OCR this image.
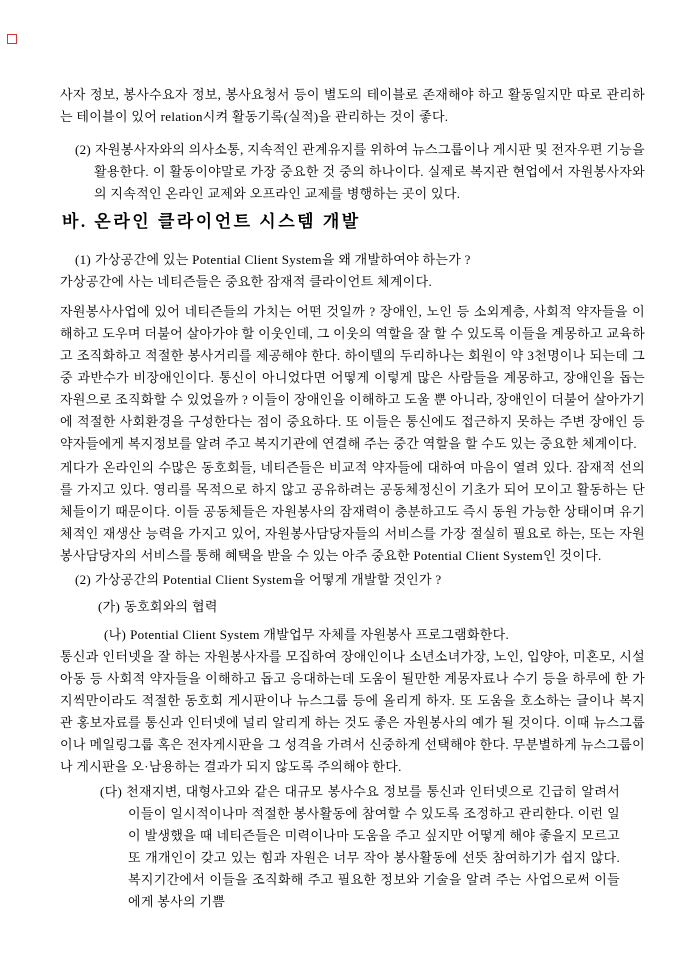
사자 정보, 봉사수요자 정보, 봉사요청서 등이 별도의 테이블로 존재해야 하고 활동일지만 따로 관리하는 테이블이 있어 relation시켜 활동기록(실적)을 관리하는 것이 좋다.

(2) 자원봉사자와의 의사소통, 지속적인 관계유지를 위하여 뉴스그룹이나 게시판 및 전자우편 기능을 활용한다. 이 활동이야말로 가장 중요한 것 중의 하나이다. 실제로 복지관 현업에서 자원봉사자와의 지속적인 온라인 교제와 오프라인 교제를 병행하는 곳이 있다.

바. 온라인 클라이언트 시스템 개발

(1) 가상공간에 있는 Potential Client System을 왜 개발하여야 하는가 ?

가상공간에 사는 네티즌들은 중요한 잠재적 클라이언트 체계이다.

자원봉사사업에 있어 네티즌들의 가치는 어떤 것일까 ? 장애인, 노인 등 소외계층, 사회적 약자들을 이해하고 도우며 더불어 살아가야 할 이웃인데, 그 이웃의 역할을 잘 할 수 있도록 이들을 계몽하고 교육하고 조직화하고 적절한 봉사거리를 제공해야 한다. 하이텔의 두리하나는 회원이 약 3천명이나 되는데 그중 과반수가 비장애인이다. 통신이 아니었다면 어떻게 이렇게 많은 사람들을 계몽하고, 장애인을 돕는 자원으로 조직화할 수 있었을까 ? 이들이 장애인을 이해하고 도울 뿐 아니라, 장애인이 더불어 살아가기에 적절한 사회환경을 구성한다는 점이 중요하다. 또 이들은 통신에도 접근하지 못하는 주변 장애인 등 약자들에게 복지정보를 알려 주고 복지기관에 연결해 주는 중간 역할을 할 수도 있는 중요한 체계이다.

게다가 온라인의 수많은 동호회들, 네티즌들은 비교적 약자들에 대하여 마음이 열려 있다. 잠재적 선의를 가지고 있다. 영리를 목적으로 하지 않고 공유하려는 공동체정신이 기초가 되어 모이고 활동하는 단체들이기 때문이다. 이들 공동체들은 자원봉사의 잠재력이 충분하고도 즉시 동원 가능한 상태이며 유기체적인 재생산 능력을 가지고 있어, 자원봉사담당자들의 서비스를 가장 절실히 필요로 하는, 또는 자원봉사담당자의 서비스를 통해 혜택을 받을 수 있는 아주 중요한 Potential Client System인 것이다.

(2) 가상공간의 Potential Client System을 어떻게 개발할 것인가 ?

(가) 동호회와의 협력

(나) Potential Client System 개발업무 자체를 자원봉사 프로그램화한다.

통신과 인터넷을 잘 하는 자원봉사자를 모집하여 장애인이나 소년소녀가장, 노인, 입양아, 미혼모, 시설아동 등 사회적 약자들을 이해하고 돕고 응대하는데 도움이 될만한 계몽자료나 수기 등을 하루에 한 가지씩만이라도 적절한 동호회 게시판이나 뉴스그룹 등에 올리게 하자. 또 도움을 호소하는 글이나 복지관 홍보자료를 통신과 인터넷에 널리 알리게 하는 것도 좋은 자원봉사의 예가 될 것이다. 이때 뉴스그룹이나 메일링그룹 혹은 전자게시판을 그 성격을 가려서 신중하게 선택해야 한다. 무분별하게 뉴스그룹이나 게시판을 오·남용하는 결과가 되지 않도록 주의해야 한다.

(다) 천재지변, 대형사고와 같은 대규모 봉사수요 정보를 통신과 인터넷으로 긴급히 알려서 이들이 일시적이나마 적절한 봉사활동에 참여할 수 있도록 조정하고 관리한다. 이런 일이 발생했을 때 네티즌들은 미력이나마 도움을 주고 싶지만 어떻게 해야 좋을지 모르고 또 개개인이 갖고 있는 힘과 자원은 너무 작아 봉사활동에 선뜻 참여하기가 쉽지 않다. 복지기간에서 이들을 조직화해 주고 필요한 정보와 기술을 알려 주는 사업으로써 이들에게 봉사의 기쁨
